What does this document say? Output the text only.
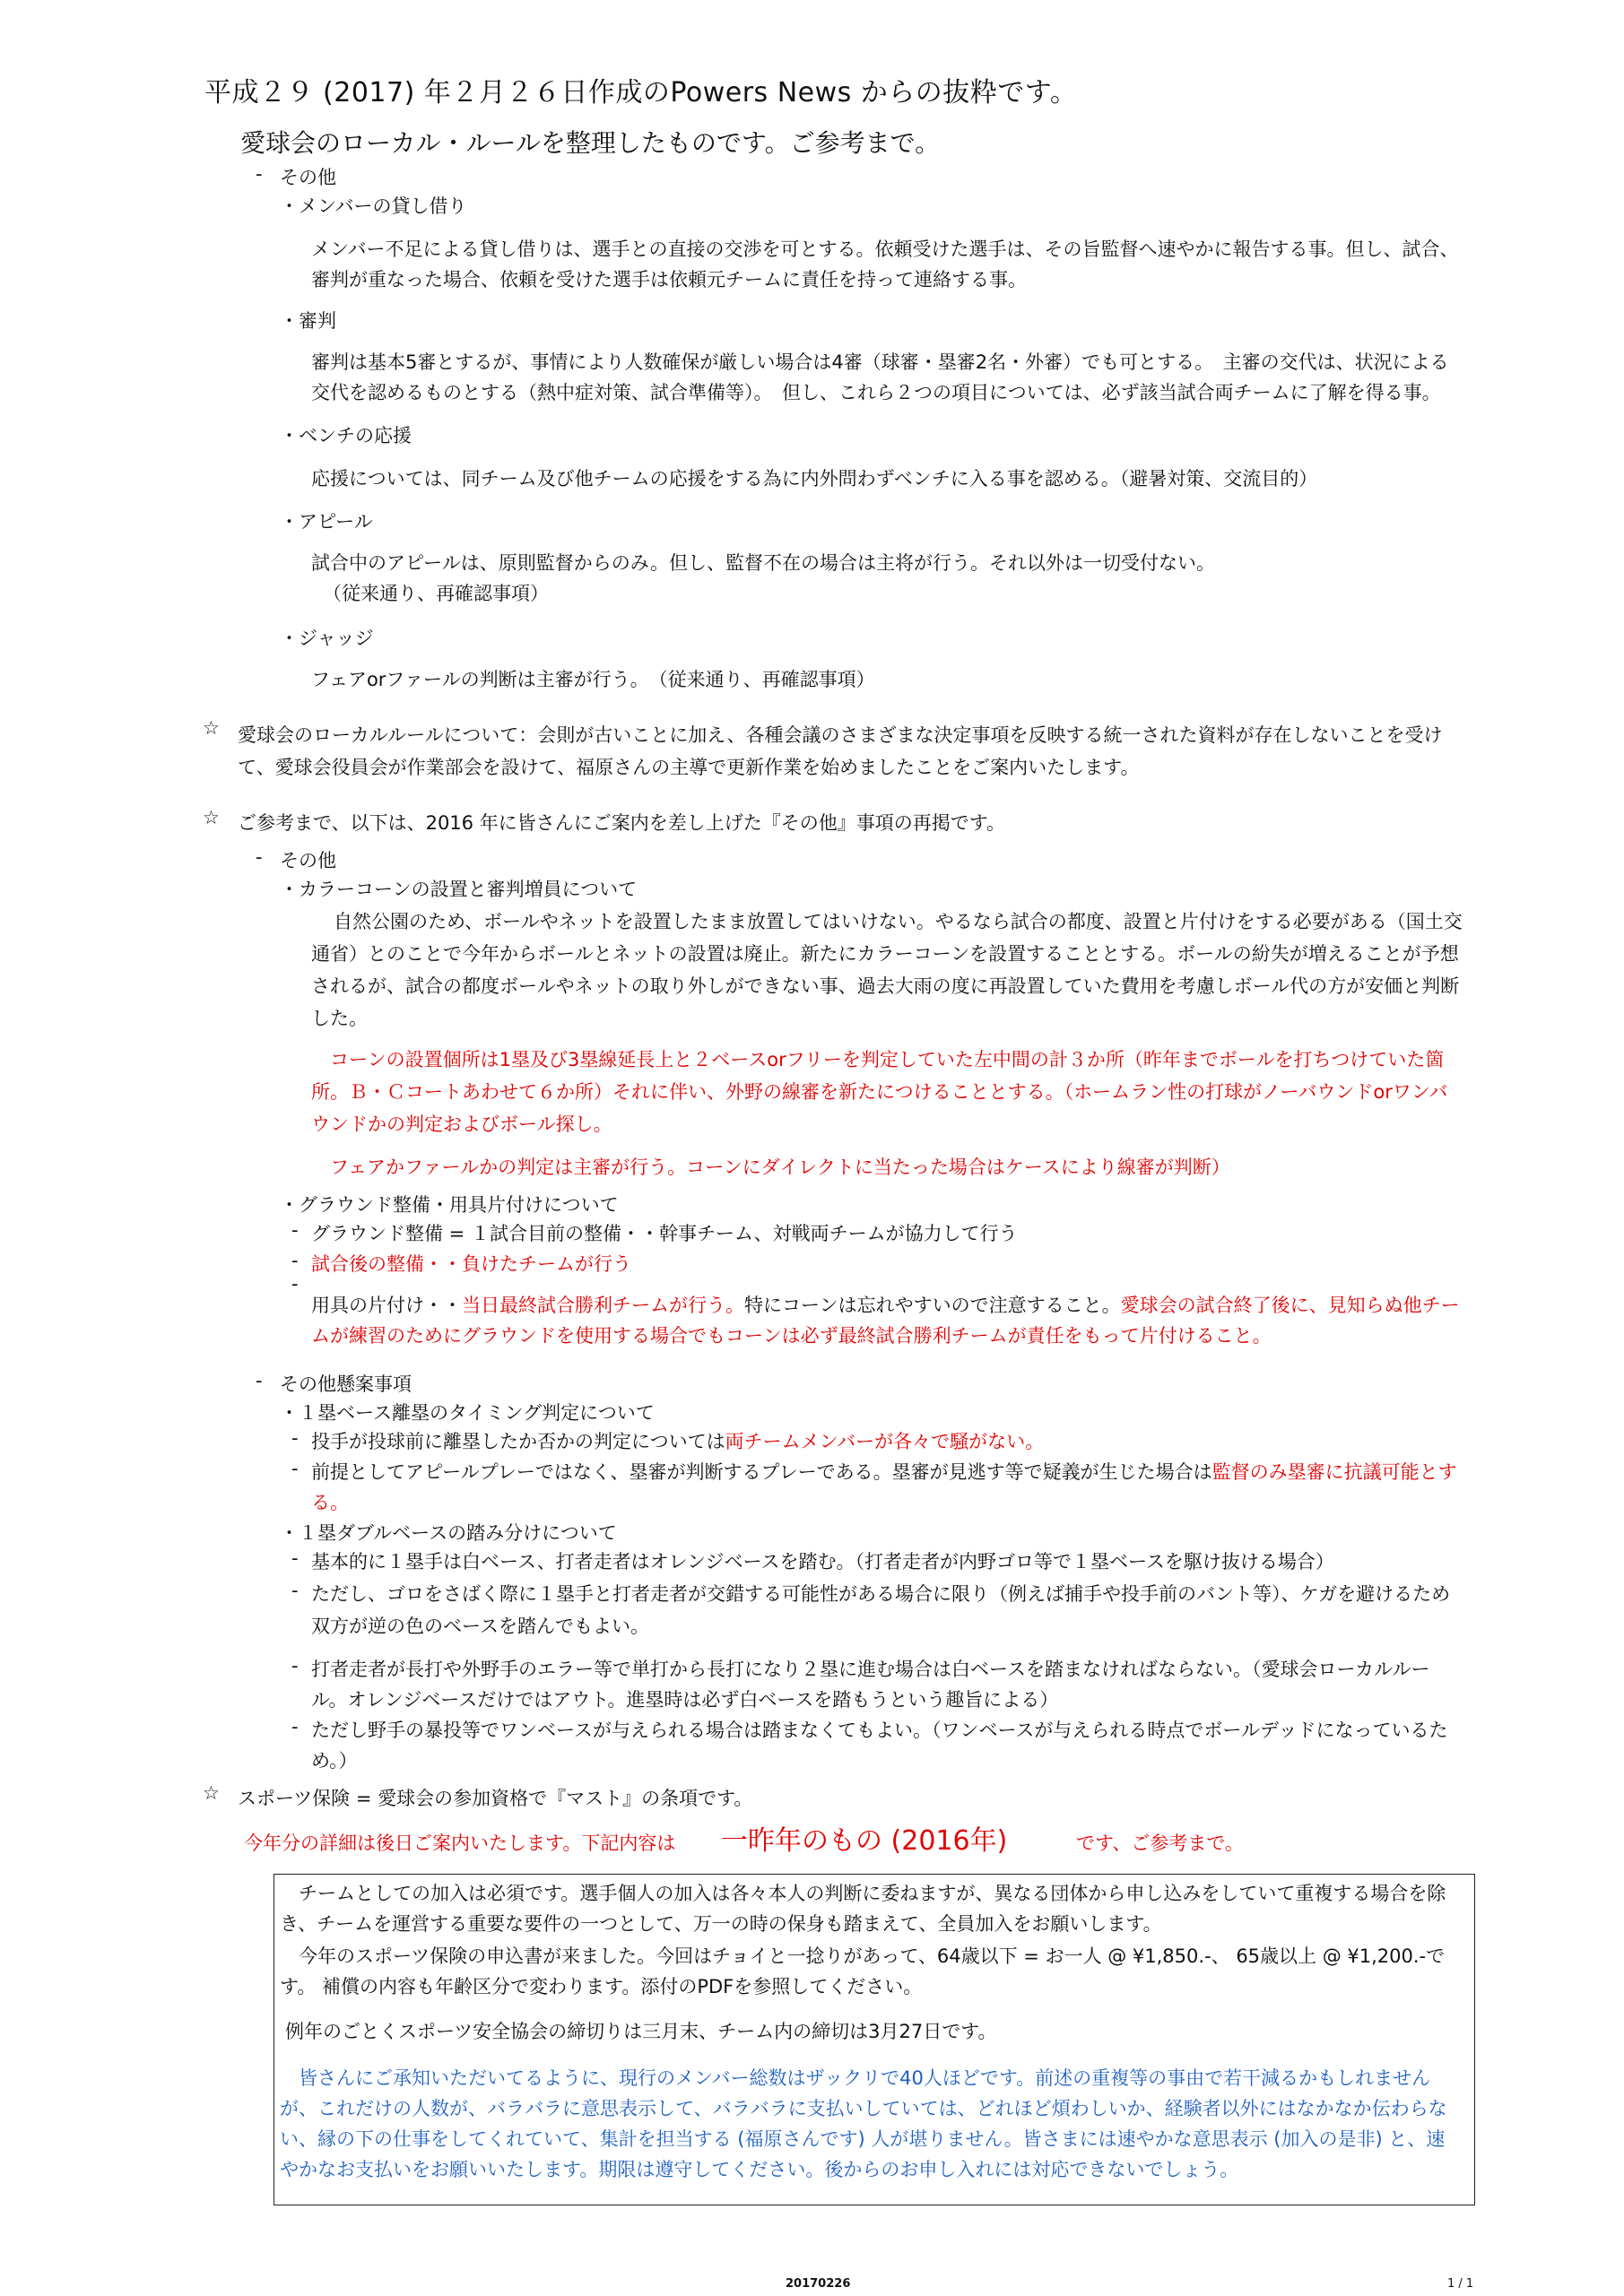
平成２９ (2017) 年２月２６日作成のPowers News からの抜粋です。
愛球会のローカル・ルールを整理したものです。ご参考まで。
- その他
・メンバーの貸し借り
メンバー不足による貸し借りは、選手との直接の交渉を可とする。依頼受けた選手は、その旨監督へ速やかに報告する事。但し、試合、
審判が重なった場合、依頼を受けた選手は依頼元チームに責任を持って連絡する事。
・審判
審判は基本5審とするが、事情により人数確保が厳しい場合は4審（球審・塁審2名・外審）でも可とする。　主審の交代は、状況による
交代を認めるものとする（熱中症対策、試合準備等）。　但し、これら２つの項目については、必ず該当試合両チームに了解を得る事。
・ベンチの応援
応援については、同チーム及び他チームの応援をする為に内外問わずベンチに入る事を認める。（避暑対策、交流目的）
・アピール
試合中のアピールは、原則監督からのみ。但し、監督不在の場合は主将が行う。それ以外は一切受付ない。
（従来通り、再確認事項）
・ジャッジ
フェアorファールの判断は主審が行う。　（従来通り、再確認事項）
☆ 愛球会のローカルルールについて：会則が古いことに加え、各種会議のさまざまな決定事項を反映する統一された資料が存在しないことを受け
て、愛球会役員会が作業部会を設けて、福原さんの主導で更新作業を始めましたことをご案内いたします。
☆ ご参考まで、以下は、2016 年に皆さんにご案内を差し上げた『その他』事項の再掲です。
- その他
・カラーコーンの設置と審判増員について
自然公園のため、ボールやネットを設置したまま放置してはいけない。やるなら試合の都度、設置と片付けをする必要がある（国土交
通省）とのことで今年からボールとネットの設置は廃止。新たにカラーコーンを設置することとする。ボールの紛失が増えることが予想
されるが、試合の都度ボールやネットの取り外しができない事、過去大雨の度に再設置していた費用を考慮しボール代の方が安価と判断
した。
コーンの設置個所は1塁及び3塁線延長上と２ベースorフリーを判定していた左中間の計３か所（昨年までボールを打ちつけていた箇
所。Ｂ・Ｃコートあわせて６か所）それに伴い、外野の線審を新たにつけることとする。（ホームラン性の打球がノーバウンドorワンバ
ウンドかの判定およびボール探し。
フェアかファールかの判定は主審が行う。コーンにダイレクトに当たった場合はケースにより線審が判断）
・グラウンド整備・用具片付けについて
- グラウンド整備 = １試合目前の整備・・幹事チーム、対戦両チームが協力して行う
- 試合後の整備・・負けたチームが行う
-
用具の片付け・・当日最終試合勝利チームが行う。特にコーンは忘れやすいので注意すること。愛球会の試合終了後に、見知らぬ他チー
ムが練習のためにグラウンドを使用する場合でもコーンは必ず最終試合勝利チームが責任をもって片付けること。
- その他懸案事項
・１塁ベース離塁のタイミング判定について
- 投手が投球前に離塁したか否かの判定については両チームメンバーが各々で騒がない。
- 前提としてアピールプレーではなく、塁審が判断するプレーである。塁審が見逃す等で疑義が生じた場合は監督のみ塁審に抗議可能とす
る。
・１塁ダブルベースの踏み分けについて
- 基本的に１塁手は白ベース、打者走者はオレンジベースを踏む。（打者走者が内野ゴロ等で１塁ベースを駆け抜ける場合）
- ただし、ゴロをさばく際に１塁手と打者走者が交錯する可能性がある場合に限り（例えば捕手や投手前のバント等）、ケガを避けるため
双方が逆の色のベースを踏んでもよい。
- 打者走者が長打や外野手のエラー等で単打から長打になり２塁に進む場合は白ベースを踏まなければならない。（愛球会ローカルルー
ル。オレンジベースだけではアウト。進塁時は必ず白ベースを踏もうという趣旨による）
- ただし野手の暴投等でワンベースが与えられる場合は踏まなくてもよい。（ワンベースが与えられる時点でボールデッドになっているた
め。）
☆ スポーツ保険 = 愛球会の参加資格で『マスト』の条項です。
今年分の詳細は後日ご案内いたします。下記内容は 一昨年のもの (2016年)	です、ご参考まで。
　チームとしての加入は必須です。選手個人の加入は各々本人の判断に委ねますが、異なる団体から申し込みをしていて重複する場合を除
き、チームを運営する重要な要件の一つとして、万一の時の保身も踏まえて、全員加入をお願いします。
　今年のスポーツ保険の申込書が来ました。今回はチョイと一捻りがあって、64歳以下 = お一人 @ ¥1,850.-、 65歳以上 @ ¥1,200.-で
す。 補償の内容も年齢区分で変わります。添付のPDFを参照してください。
例年のごとくスポーツ安全協会の締切りは三月末、チーム内の締切は3月27日です。
　皆さんにご承知いただいてるように、現行のメンバー総数はザックリで40人ほどです。前述の重複等の事由で若干減るかもしれません
が、これだけの人数が、バラバラに意思表示して、バラバラに支払いしていては、どれほど煩わしいか、経験者以外にはなかなか伝わらな
い、縁の下の仕事をしてくれていて、集計を担当する (福原さんです) 人が堪りません。皆さまには速やかな意思表示 (加入の是非) と、速
やかなお支払いをお願いいたします。期限は遵守してください。後からのお申し入れには対応できないでしょう。
20170226	1 / 1
